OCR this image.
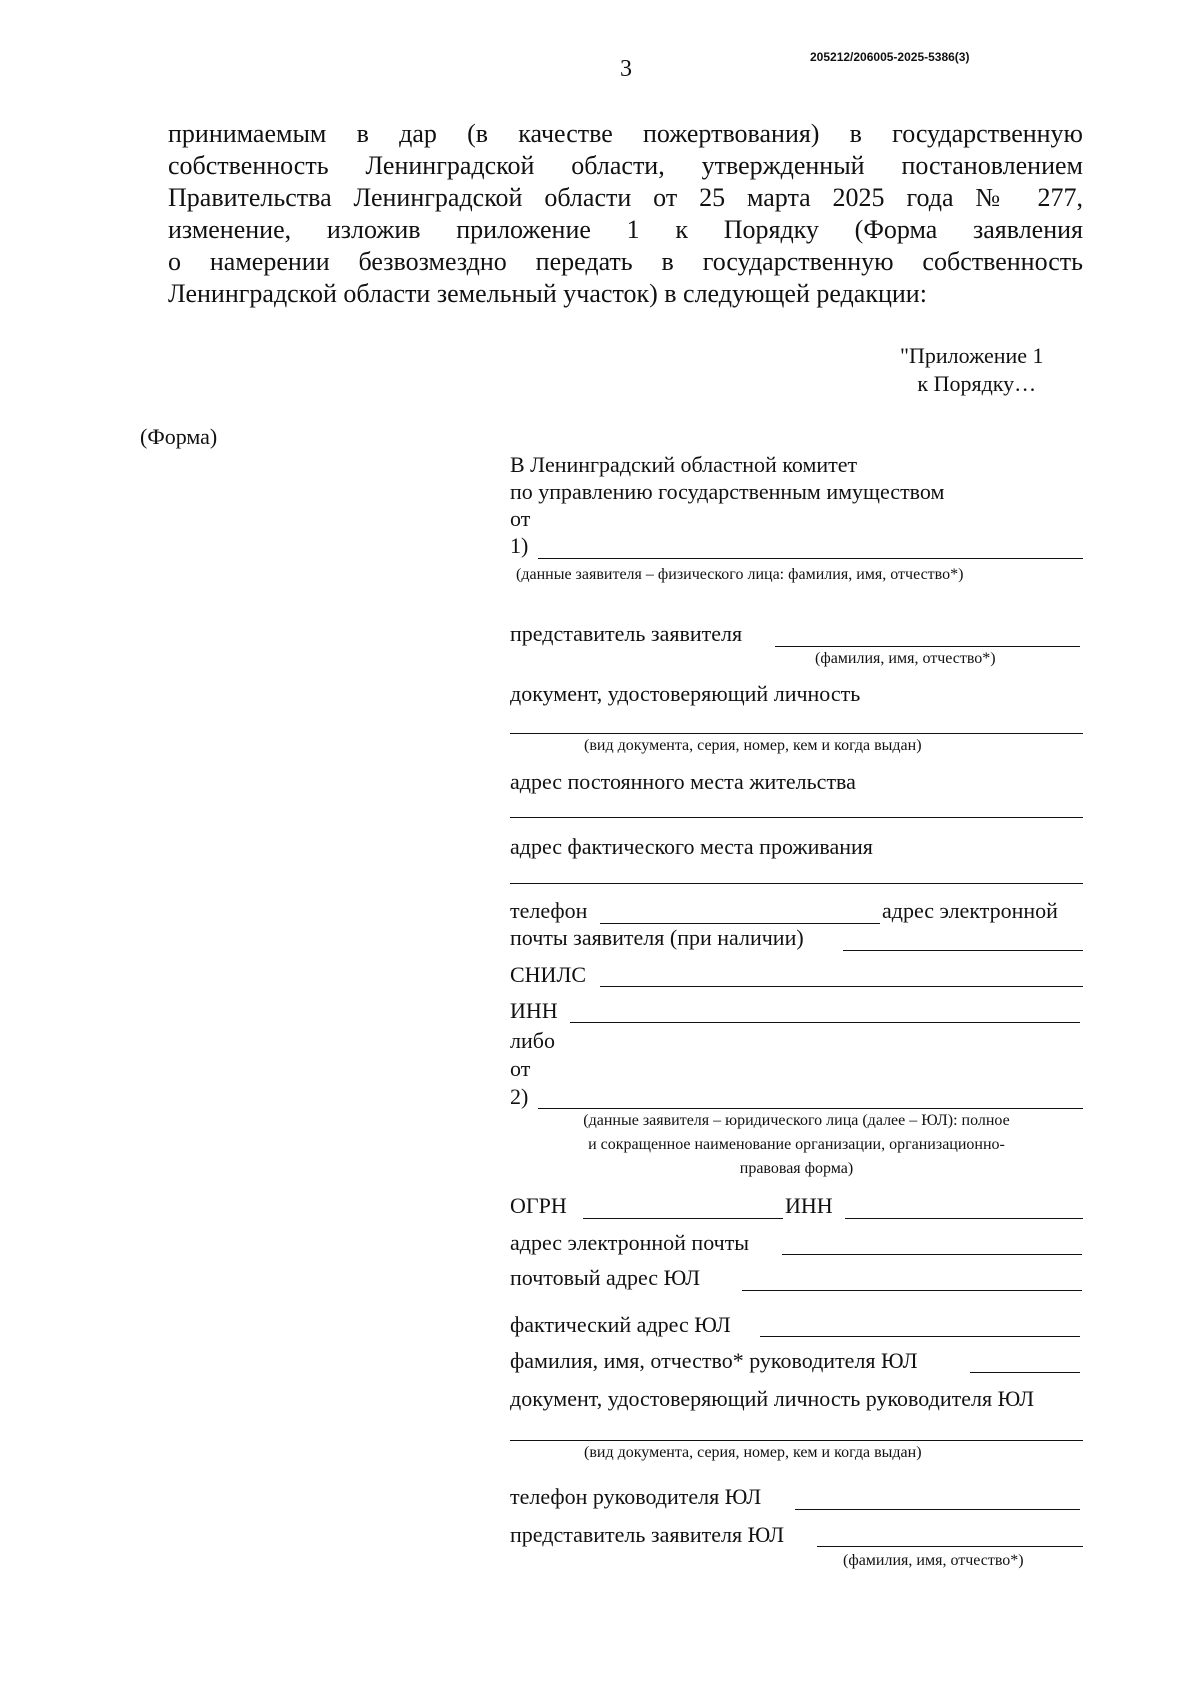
3	205212/206005-2025-5386(3)
принимаемым в дар (в качестве пожертвования) в государственную
собственность Ленинградской области, утвержденный постановлением
Правительства Ленинградской области от 25 марта 2025 года № 277,
изменение, изложив приложение 1 к Порядку (Форма заявления
о намерении безвозмездно передать в государственную собственность
Ленинградской области земельный участок) в следующей редакции:
"Приложение 1
к Порядку…
(Форма)
В Ленинградский областной комитет
по управлению государственным имуществом
от
1)
(данные заявителя – физического лица: фамилия, имя, отчество*)
представитель заявителя
(фамилия, имя, отчество*)
документ, удостоверяющий личность
(вид документа, серия, номер, кем и когда выдан)
адрес постоянного места жительства
адрес фактического места проживания
телефон	адрес электронной
почты заявителя (при наличии)
СНИЛС
ИНН
либо
от
2)
(данные заявителя – юридического лица (далее – ЮЛ): полное
и сокращенное наименование организации, организационно-
правовая форма)
ОГРН	ИНН
адрес электронной почты
почтовый адрес ЮЛ
фактический адрес ЮЛ
фамилия, имя, отчество* руководителя ЮЛ
документ, удостоверяющий личность руководителя ЮЛ
(вид документа, серия, номер, кем и когда выдан)
телефон руководителя ЮЛ
представитель заявителя ЮЛ
(фамилия, имя, отчество*)
